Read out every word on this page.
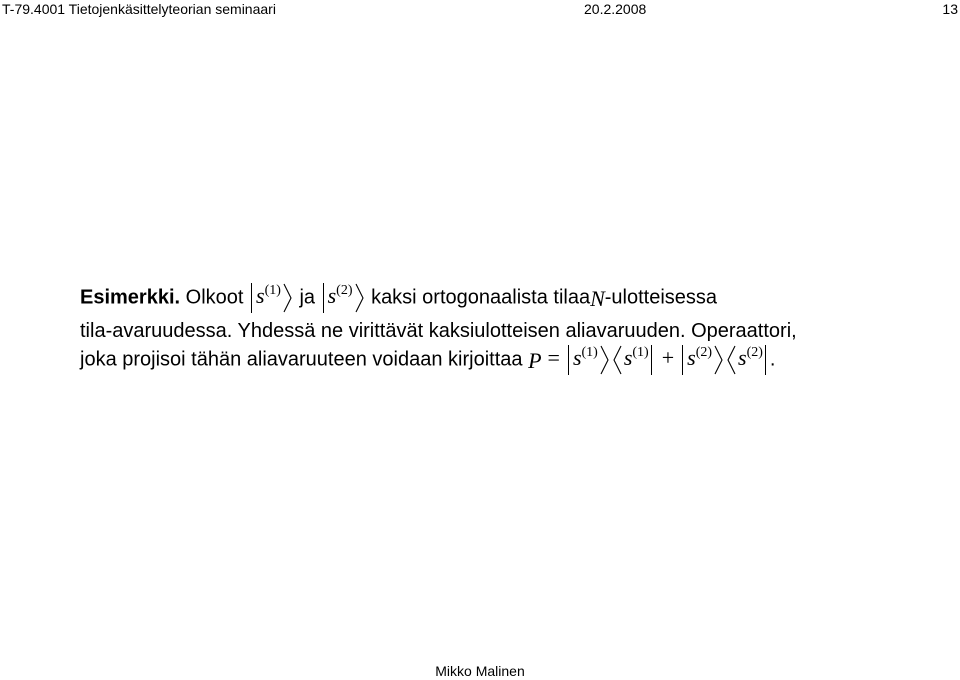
T-79.4001 Tietojenkäsittelyteorian seminaari	20.2.2008	13
Esimerkki. Olkoot $s^{(1)}$ ja $s^{(2)}$ kaksi ortogonaalista tilaaN-ulotteisessa
tila-avaruudessa. Yhdessä ne virittävät kaksiulotteisen aliavaruuden. Operaattori,
joka projisoi tähän aliavaruuteen voidaan kirjoittaa $P = s^{(1)}$ $s^{(1)} + s^{(2)}$ $s^{(2)}$ .
Mikko Malinen
